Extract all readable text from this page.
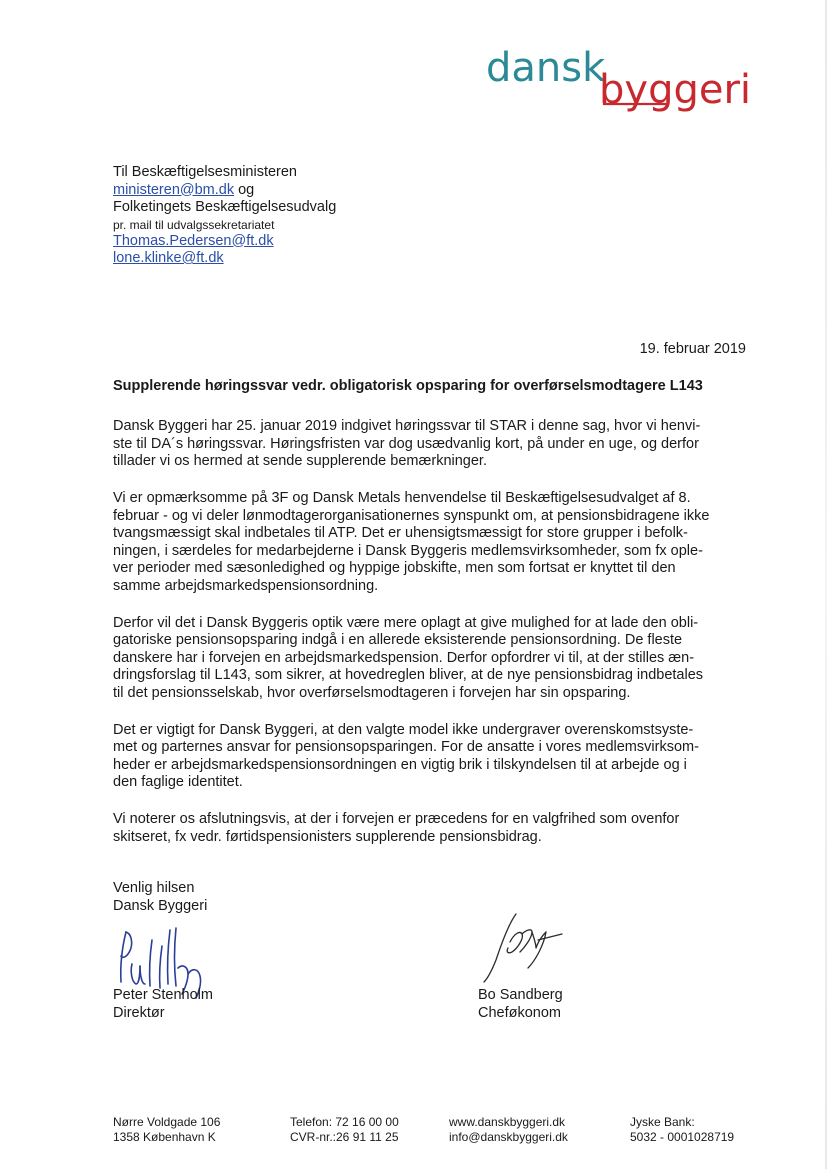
dansk
byggeri
Til Beskæftigelsesministeren
ministeren@bm.dk og
Folketingets Beskæftigelsesudvalg
pr. mail til udvalgssekretariatet
Thomas.Pedersen@ft.dk
lone.klinke@ft.dk
19. februar 2019
Supplerende høringssvar vedr. obligatorisk opsparing for overførselsmodtagere L143
Dansk Byggeri har 25. januar 2019 indgivet høringssvar til STAR i denne sag, hvor vi henvi-
ste til DA´s høringssvar. Høringsfristen var dog usædvanlig kort, på under en uge, og derfor
tillader vi os hermed at sende supplerende bemærkninger.
Vi er opmærksomme på 3F og Dansk Metals henvendelse til Beskæftigelsesudvalget af 8.
februar - og vi deler lønmodtagerorganisationernes synspunkt om, at pensionsbidragene ikke
tvangsmæssigt skal indbetales til ATP. Det er uhensigtsmæssigt for store grupper i befolk-
ningen, i særdeles for medarbejderne i Dansk Byggeris medlemsvirksomheder, som fx ople-
ver perioder med sæsonledighed og hyppige jobskifte, men som fortsat er knyttet til den
samme arbejdsmarkedspensionsordning.
Derfor vil det i Dansk Byggeris optik være mere oplagt at give mulighed for at lade den obli-
gatoriske pensionsopsparing indgå i en allerede eksisterende pensionsordning. De fleste
danskere har i forvejen en arbejdsmarkedspension. Derfor opfordrer vi til, at der stilles æn-
dringsforslag til L143, som sikrer, at hovedreglen bliver, at de nye pensionsbidrag indbetales
til det pensionsselskab, hvor overførselsmodtageren i forvejen har sin opsparing.
Det er vigtigt for Dansk Byggeri, at den valgte model ikke undergraver overenskomstsyste-
met og parternes ansvar for pensionsopsparingen. For de ansatte i vores medlemsvirksom-
heder er arbejdsmarkedspensionsordningen en vigtig brik i tilskyndelsen til at arbejde og i
den faglige identitet.
Vi noterer os afslutningsvis, at der i forvejen er præcedens for en valgfrihed som ovenfor
skitseret, fx vedr. førtidspensionisters supplerende pensionsbidrag.
Venlig hilsen
Dansk Byggeri
Peter Stenholm
Direktør
Bo Sandberg
Cheføkonom
Nørre Voldgade 106
1358 København K
Telefon: 72 16 00 00
CVR-nr.:26 91 11 25
www.danskbyggeri.dk
info@danskbyggeri.dk
Jyske Bank:
5032 - 0001028719
